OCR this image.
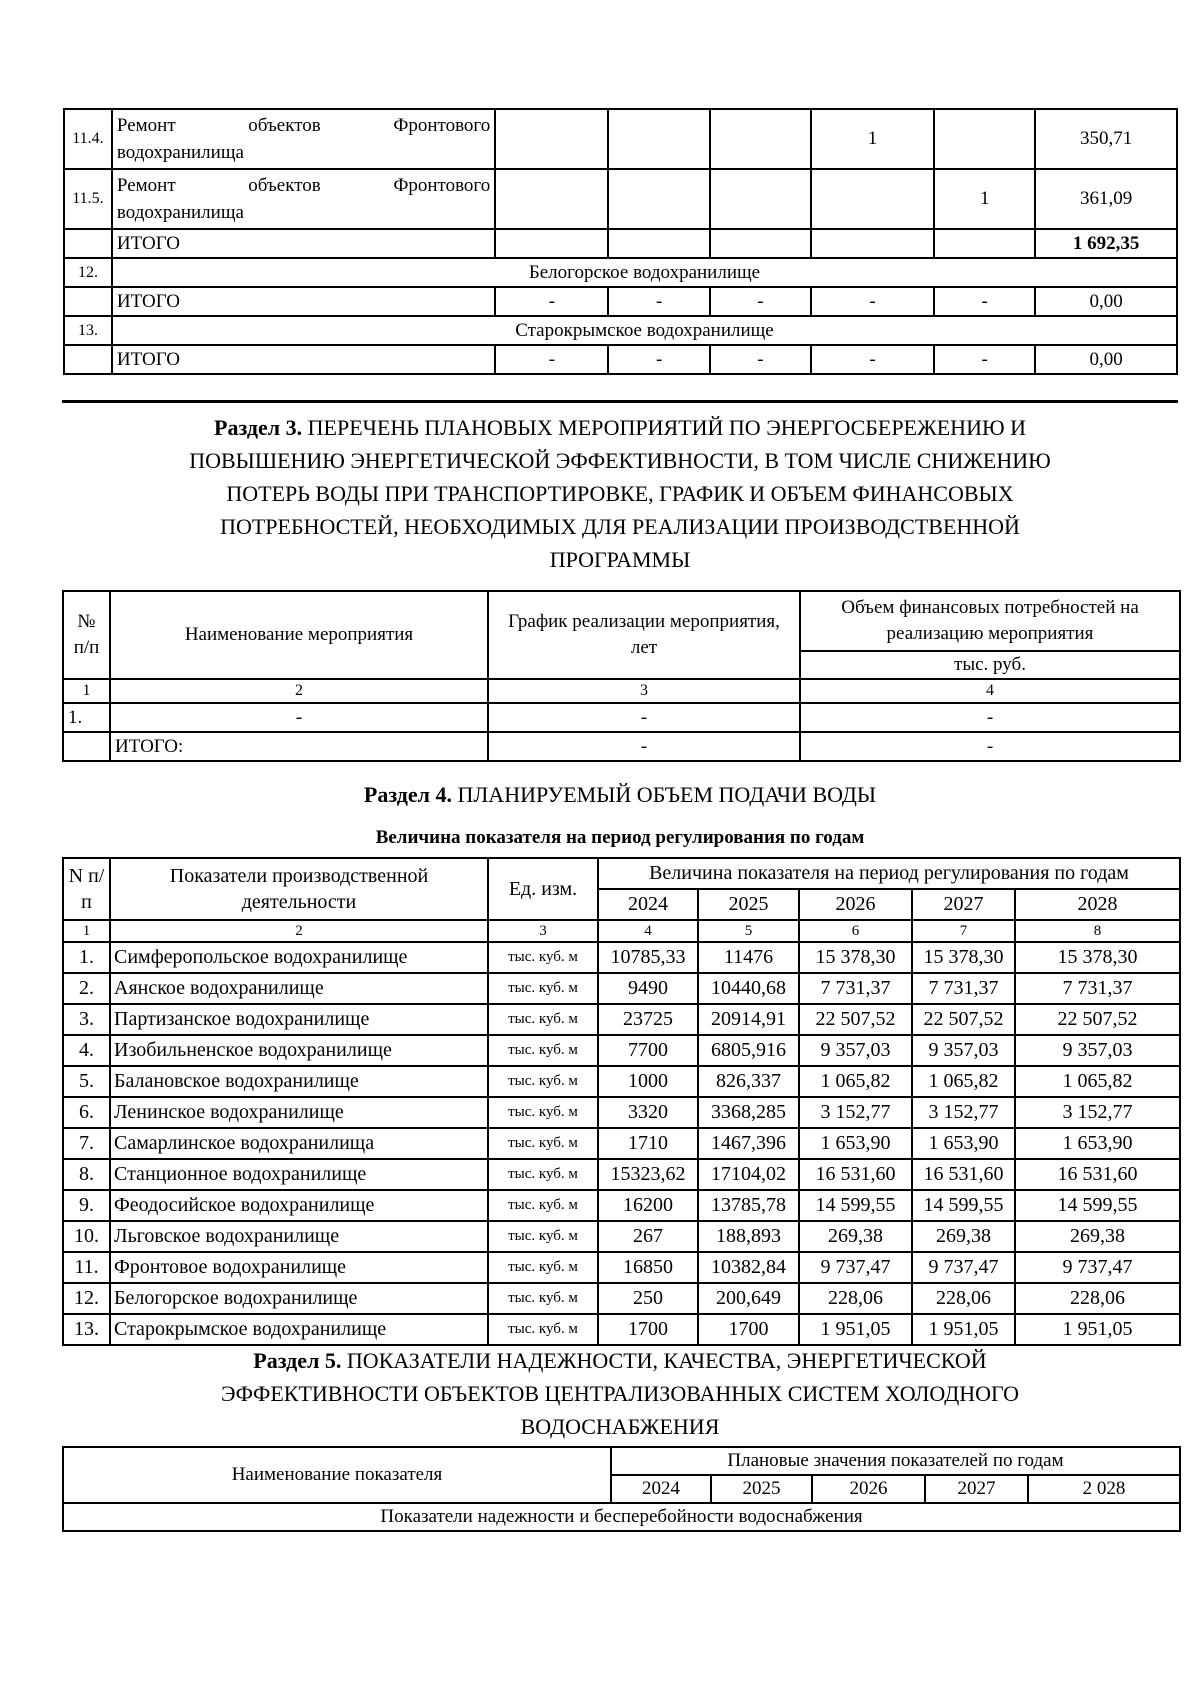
11.4.	Ремонт объектов Фронтового
водохранилища				1		350,71
11.5.	Ремонт объектов Фронтового
водохранилища					1	361,09
	ИТОГО						1 692,35
12.	Белогорское водохранилище						
	ИТОГО	-	-	-	-	-	0,00
13.	Старокрымское водохранилище						
	ИТОГО	-	-	-	-	-	0,00
Раздел 3. ПЕРЕЧЕНЬ ПЛАНОВЫХ МЕРОПРИЯТИЙ ПО ЭНЕРГОСБЕРЕЖЕНИЮ И
ПОВЫШЕНИЮ ЭНЕРГЕТИЧЕСКОЙ ЭФФЕКТИВНОСТИ, В ТОМ ЧИСЛЕ СНИЖЕНИЮ
ПОТЕРЬ ВОДЫ ПРИ ТРАНСПОРТИРОВКЕ, ГРАФИК И ОБЪЕМ ФИНАНСОВЫХ
ПОТРЕБНОСТЕЙ, НЕОБХОДИМЫХ ДЛЯ РЕАЛИЗАЦИИ ПРОИЗВОДСТВЕННОЙ
ПРОГРАММЫ
№ п/п	Наименование мероприятия	График реализации мероприятия, лет	Объем финансовых потребностей на реализацию мероприятия
			тыс. руб.
1	2	3	4
1.	-	-	-
	ИТОГО:	-	-
Раздел 4. ПЛАНИРУЕМЫЙ ОБЪЕМ ПОДАЧИ ВОДЫ
Величина показателя на период регулирования по годам
N п/п	Показатели производственной деятельности	Ед. изм.	Величина показателя на период регулирования по годам				
			2024	2025	2026	2027	2028
1	2	3	4	5	6	7	8
1.	Симферопольское водохранилище	тыс. куб. м	10785,33	11476	15 378,30	15 378,30	15 378,30
2.	Аянское водохранилище	тыс. куб. м	9490	10440,68	7 731,37	7 731,37	7 731,37
3.	Партизанское водохранилище	тыс. куб. м	23725	20914,91	22 507,52	22 507,52	22 507,52
4.	Изобильненское водохранилище	тыс. куб. м	7700	6805,916	9 357,03	9 357,03	9 357,03
5.	Балановское водохранилище	тыс. куб. м	1000	826,337	1 065,82	1 065,82	1 065,82
6.	Ленинское водохранилище	тыс. куб. м	3320	3368,285	3 152,77	3 152,77	3 152,77
7.	Самарлинское водохранилища	тыс. куб. м	1710	1467,396	1 653,90	1 653,90	1 653,90
8.	Станционное водохранилище	тыс. куб. м	15323,62	17104,02	16 531,60	16 531,60	16 531,60
9.	Феодосийское водохранилище	тыс. куб. м	16200	13785,78	14 599,55	14 599,55	14 599,55
10.	Льговское водохранилище	тыс. куб. м	267	188,893	269,38	269,38	269,38
11.	Фронтовое водохранилище	тыс. куб. м	16850	10382,84	9 737,47	9 737,47	9 737,47
12.	Белогорское водохранилище	тыс. куб. м	250	200,649	228,06	228,06	228,06
13.	Старокрымское водохранилище	тыс. куб. м	1700	1700	1 951,05	1 951,05	1 951,05
Раздел 5. ПОКАЗАТЕЛИ НАДЕЖНОСТИ, КАЧЕСТВА, ЭНЕРГЕТИЧЕСКОЙ
ЭФФЕКТИВНОСТИ ОБЪЕКТОВ ЦЕНТРАЛИЗОВАННЫХ СИСТЕМ ХОЛОДНОГО
ВОДОСНАБЖЕНИЯ
Наименование показателя	Плановые значения показателей по годам				
	2024	2025	2026	2027	2 028
Показатели надежности и бесперебойности водоснабжения					
